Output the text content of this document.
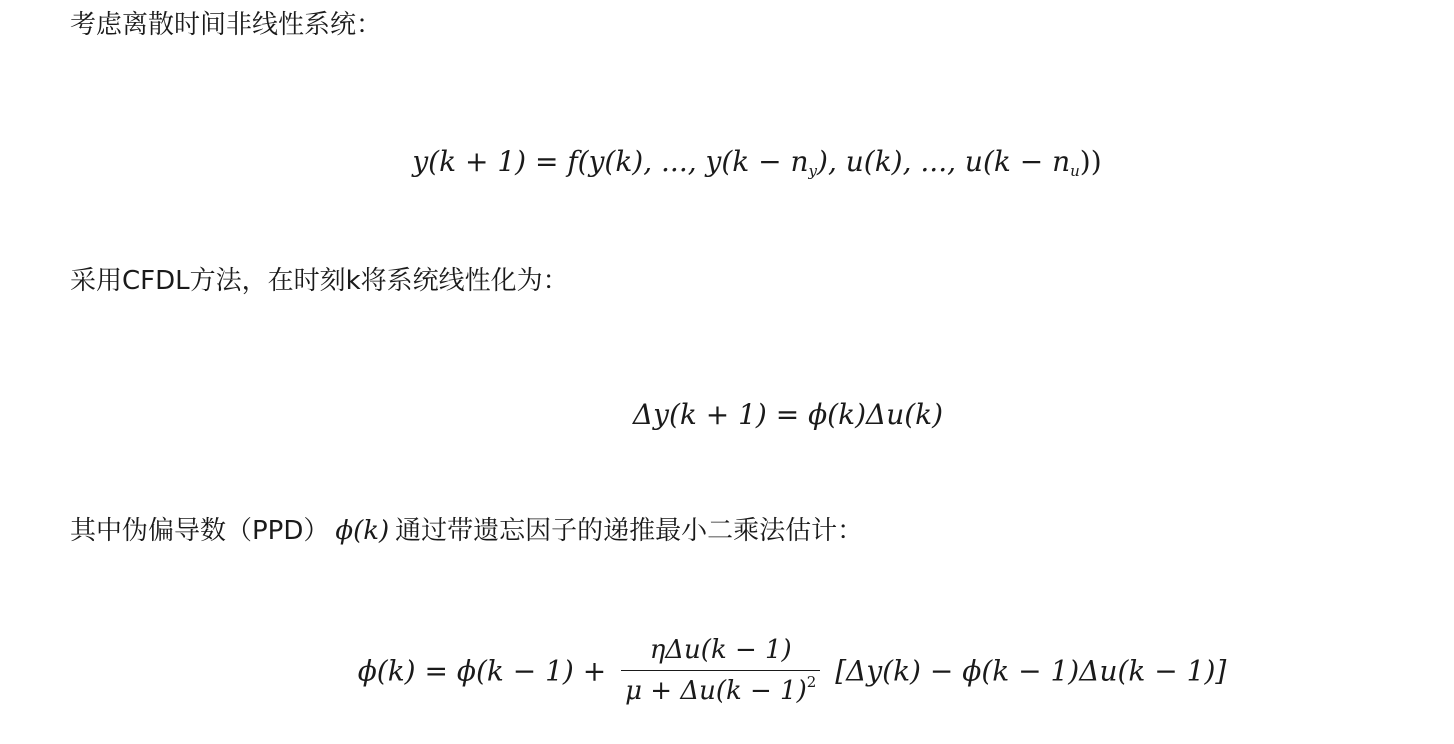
考虑离散时间非线性系统：
y(k + 1) = f(y(k), ..., $y(k - n_y)$, u(k), ..., $u(k - n_u)$)
采用CFDL方法，在时刻k将系统线性化为：
Δy(k + 1) = ϕ(k)Δu(k)
其中伪偏导数（PPD） ϕ(k) 通过带遗忘因子的递推最小二乘法估计：
$\phi(k) = \phi(k - 1) + \frac{\text{ηΔu(k − 1)}}{\mu + \Delta u(k - 1)^2} [\Delta y(k) - \phi(k - 1)\Delta u(k - 1)]$
